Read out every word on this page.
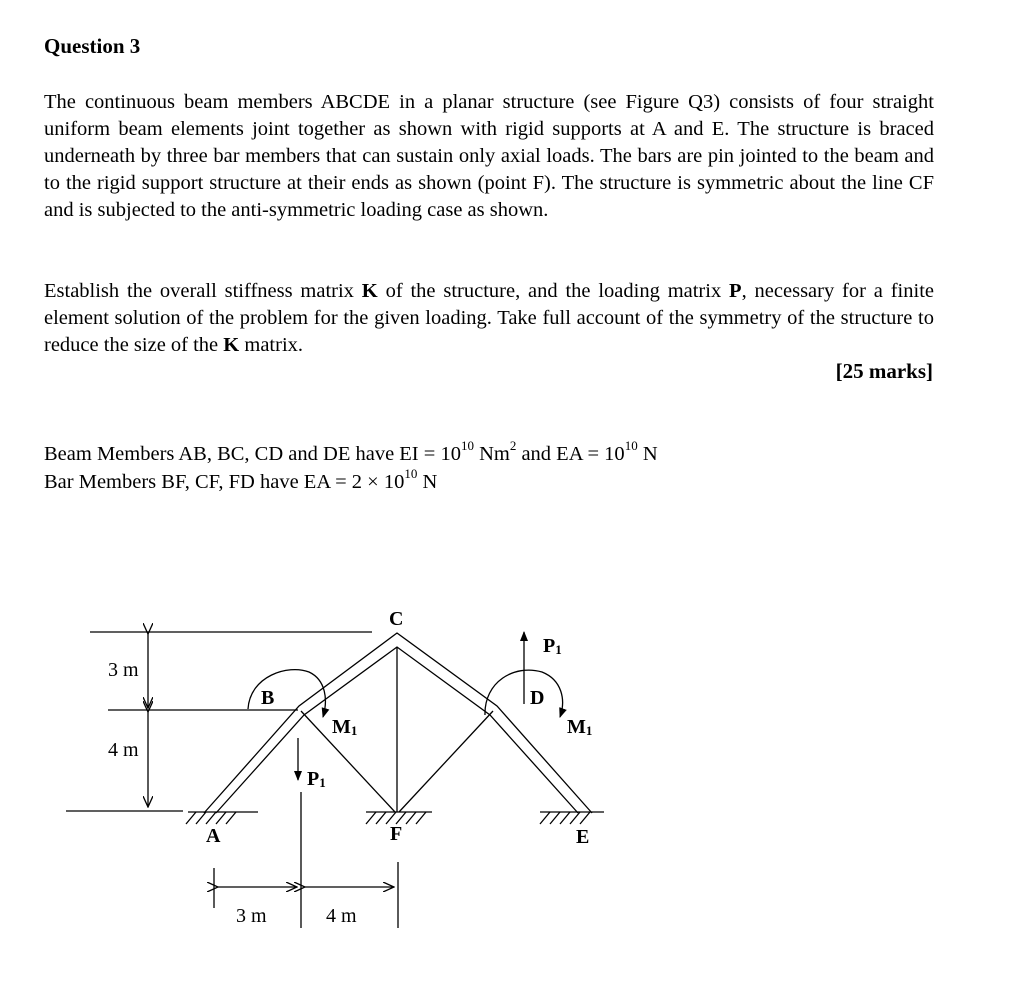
Question 3

The continuous beam members ABCDE in a planar structure (see Figure Q3) consists of four straight uniform beam elements joint together as shown with rigid supports at A and E. The structure is braced underneath by three bar members that can sustain only axial loads. The bars are pin jointed to the beam and to the rigid support structure at their ends as shown (point F). The structure is symmetric about the line CF and is subjected to the anti-symmetric loading case as shown.

Establish the overall stiffness matrix K of the structure, and the loading matrix P, necessary for a finite element solution of the problem for the given loading. Take full account of the symmetry of the structure to reduce the size of the K matrix.

[25 marks]
Beam Members AB, BC, CD and DE have EI = $10^{10}$ Nm$^2$ and EA = $10^{10}$ N
Bar Members BF, CF, FD have EA = $2 \times 10^{10}$ N
3 m
4 m
3 m	4 m
A
B
C
D
E
F
M1	M1
P1
P1
